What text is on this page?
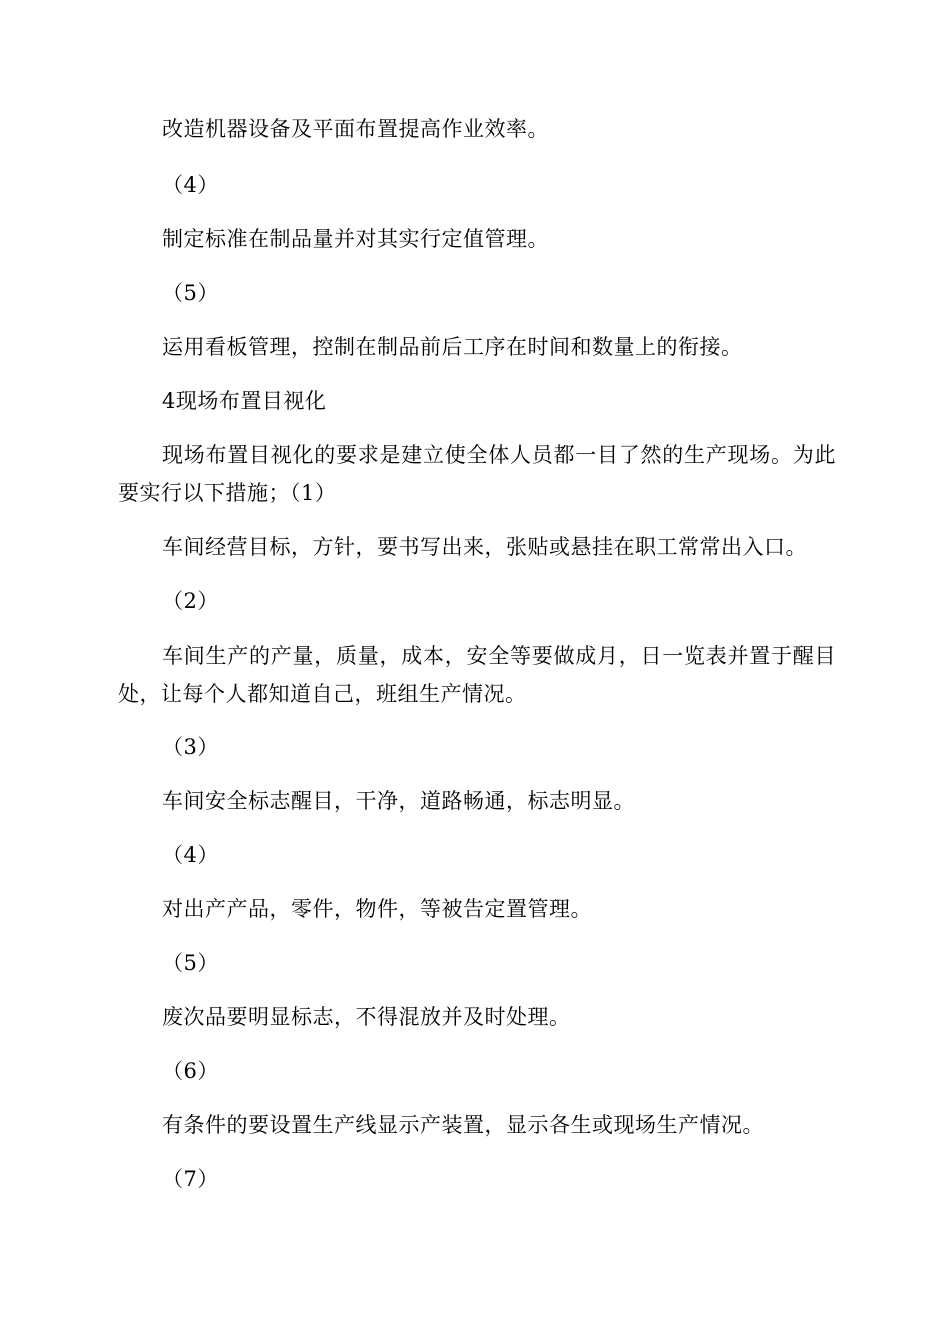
改造机器设备及平面布置提高作业效率。
（4）
制定标准在制品量并对其实行定值管理。
（5）
运用看板管理，控制在制品前后工序在时间和数量上的衔接。
4现场布置目视化
现场布置目视化的要求是建立使全体人员都一目了然的生产现场。为此要实行以下措施；（1）
车间经营目标，方针，要书写出来，张贴或悬挂在职工常常出入口。
（2）
车间生产的产量，质量，成本，安全等要做成月，日一览表并置于醒目处，让每个人都知道自己，班组生产情况。
（3）
车间安全标志醒目，干净，道路畅通，标志明显。
（4）
对出产产品，零件，物件，等被告定置管理。
（5）
废次品要明显标志，不得混放并及时处理。
（6）
有条件的要设置生产线显示产装置，显示各生或现场生产情况。
（7）
